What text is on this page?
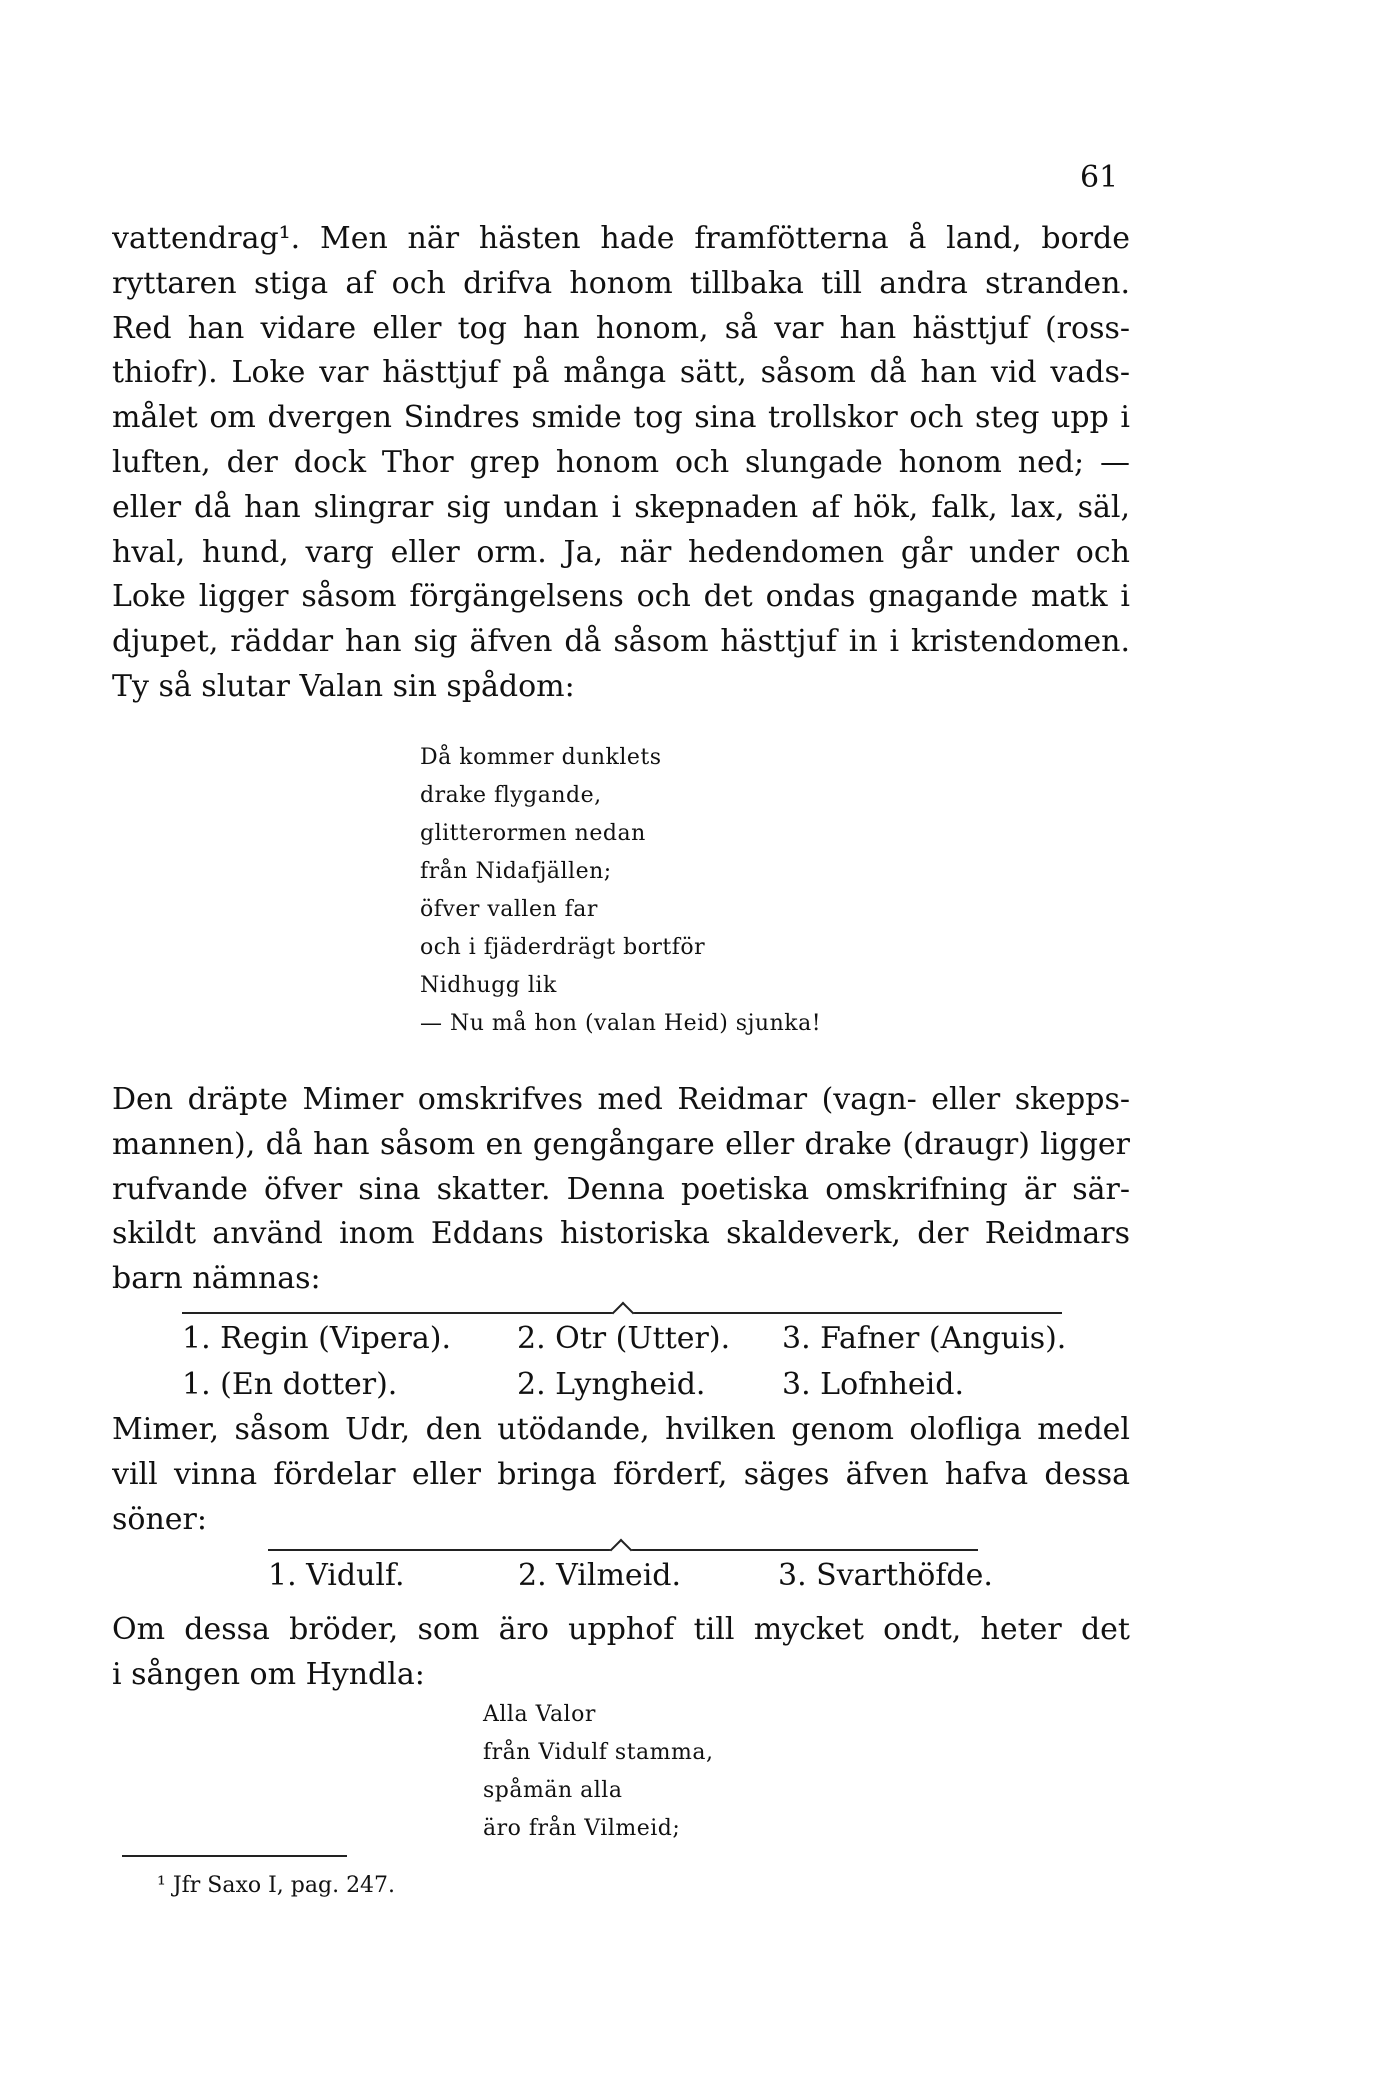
61
vattendrag¹. Men när hästen hade framfötterna å land, borde
ryttaren stiga af och drifva honom tillbaka till andra stranden.
Red han vidare eller tog han honom, så var han hästtjuf (ross-
thiofr). Loke var hästtjuf på många sätt, såsom då han vid vads-
målet om dvergen Sindres smide tog sina trollskor och steg upp i
luften, der dock Thor grep honom och slungade honom ned; —
eller då han slingrar sig undan i skepnaden af hök, falk, lax, säl,
hval, hund, varg eller orm. Ja, när hedendomen går under och
Loke ligger såsom förgängelsens och det ondas gnagande matk i
djupet, räddar han sig äfven då såsom hästtjuf in i kristendomen.
Ty så slutar Valan sin spådom:
Då kommer dunklets
drake flygande,
glitterormen nedan
från Nidafjällen;
öfver vallen far
och i fjäderdrägt bortför
Nidhugg lik
— Nu må hon (valan Heid) sjunka!
Den dräpte Mimer omskrifves med Reidmar (vagn- eller skepps-
mannen), då han såsom en gengångare eller drake (draugr) ligger
rufvande öfver sina skatter. Denna poetiska omskrifning är sär-
skildt använd inom Eddans historiska skaldeverk, der Reidmars
barn nämnas:
1. Regin (Vipera). 2. Otr (Utter). 3. Fafner (Anguis).
1. (En dotter).	2. Lyngheid.	3. Lofnheid.
Mimer, såsom Udr, den utödande, hvilken genom olofliga medel
vill vinna fördelar eller bringa förderf, säges äfven hafva dessa
söner:
1. Vidulf.	2. Vilmeid.	3. Svarthöfde.
Om dessa bröder, som äro upphof till mycket ondt, heter det
i sången om Hyndla:
Alla Valor
från Vidulf stamma,
spåmän alla
äro från Vilmeid;
¹ Jfr Saxo I, pag. 247.
